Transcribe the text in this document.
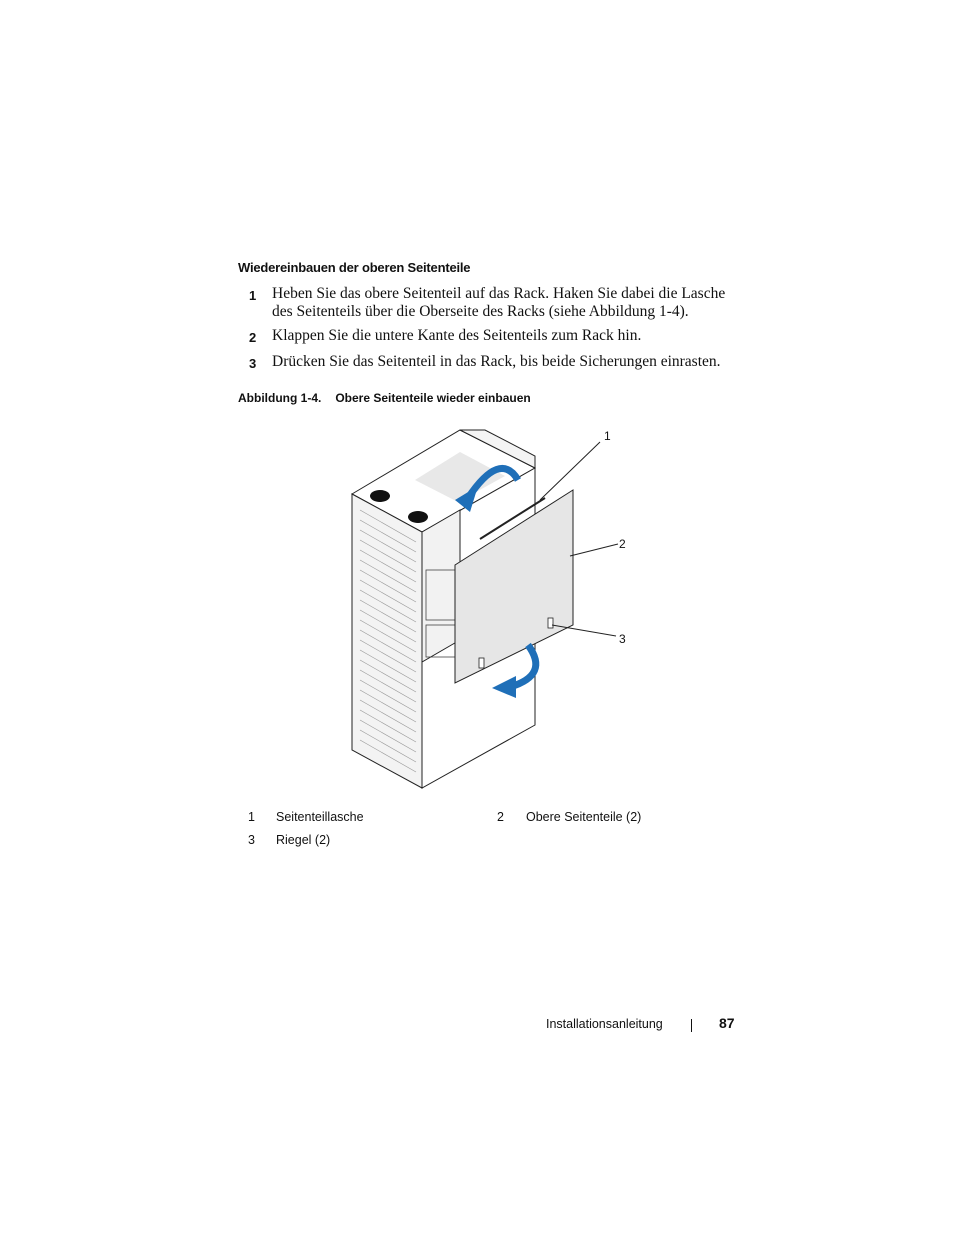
Wiedereinbauen der oberen Seitenteile
1 Heben Sie das obere Seitenteil auf das Rack. Haken Sie dabei die Lasche des Seitenteils über die Oberseite des Racks (siehe Abbildung 1-4).
2 Klappen Sie die untere Kante des Seitenteils zum Rack hin.
3 Drücken Sie das Seitenteil in das Rack, bis beide Sicherungen einrasten.
Abbildung 1-4. Obere Seitenteile wieder einbauen
1
2
3
1 Seitenteillasche	2 Obere Seitenteile (2)
3 Riegel (2)
Installationsanleitung	87
